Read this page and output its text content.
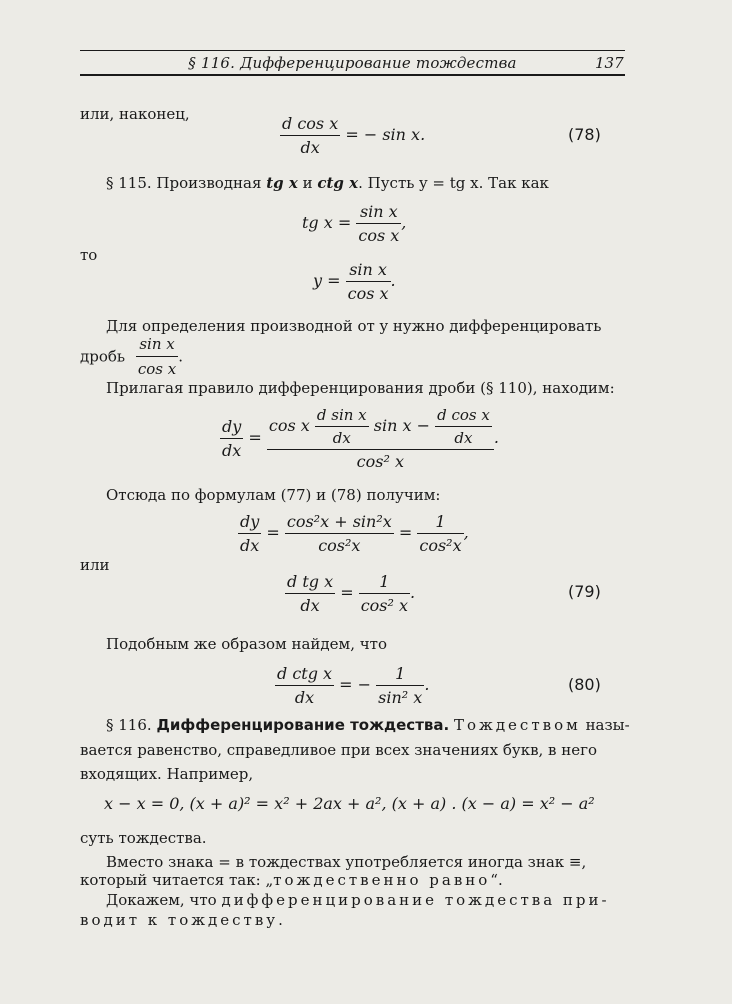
§ 116. Дифференцирование тождества	137
или, наконец,	$\frac{\text{d cos x}}{dx}$ = − sin x.	(78)
§ 115. Производная tg x и ctg x. Пусть y = tg x. Так как
tg $x = \frac{\text{sin x}}{\text{cos x}}$ ,
то
$y = \frac{\text{sin x}}{\text{cos x}}$ .
Для определения производной от y нужно дифференцировать
дробь $\frac{\text{sin x}}{\text{cos x}}$ .
Прилагая правило дифференцирования дроби (§ 110), находим:
$\frac{dy}{dx}$ =
cos x $\frac{\text{d sin x}}{dx}$ $\sin x - \frac{\text{d cos x}}{dx}$
cos² x
.
Отсюда по формулам (77) и (78) получим:
$\frac{dy}{dx} = \frac{\text{cos²x + sin²x}}{\text{cos²x}} = \frac{1}{\text{cos²x}}$ ,
или
$\frac{\text{d tg x}}{dx} = \frac{1}{\text{cos² x}}$ .	(79)
Подобным же образом найдем, что
$\frac{\text{d ctg x}}{dx}$ = − $\frac{1}{\text{sin² x}}$ .	(80)
§ 116. Дифференцирование тождества. Тождеством назы-
вается равенство, справедливое при всех значениях букв, в него
входящих. Например,
x − x = 0, (x + a)² = x² + 2ax + a², (x + a) . (x − a) = x² − a²
суть тождества.
Вместо знака = в тождествах употребляется иногда знак ≡,
который читается так: „тождественно равно“.
Докажем, что дифференцирование тождества при-
водит к тождеству.
